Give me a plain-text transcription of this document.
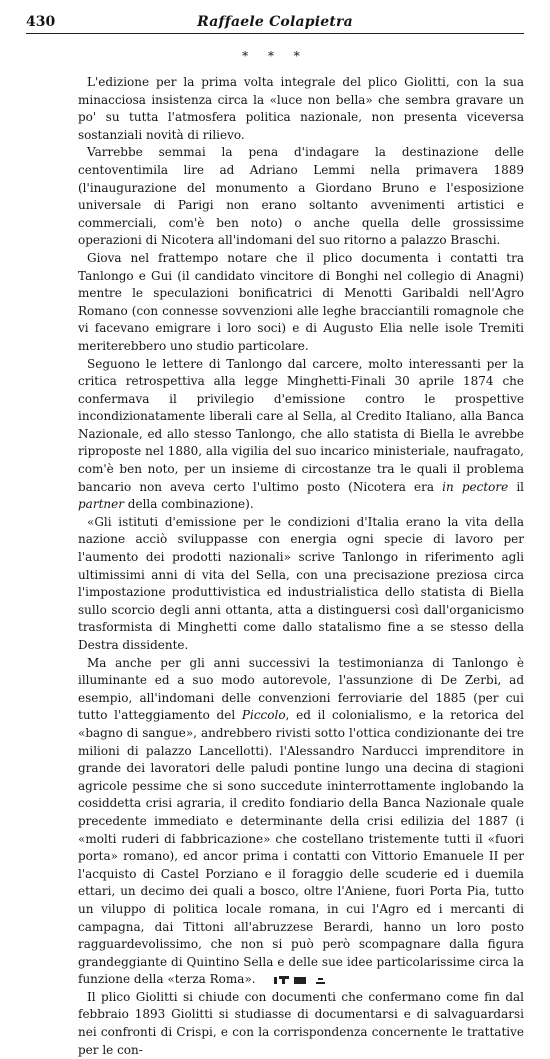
430	Raffaele Colapietra
* * *

L'edizione per la prima volta integrale del plico Giolitti, con la sua minacciosa insistenza circa la «luce non bella» che sembra gravare un po' su tutta l'atmosfera politica nazionale, non presenta viceversa sostanziali novità di rilievo.

Varrebbe semmai la pena d'indagare la destinazione delle centoventimila lire ad Adriano Lemmi nella primavera 1889 (l'inaugurazione del monumento a Giordano Bruno e l'esposizione universale di Parigi non erano soltanto avvenimenti artistici e commerciali, com'è ben noto) o anche quella delle grossissime operazioni di Nicotera all'indomani del suo ritorno a palazzo Braschi.

Giova nel frattempo notare che il plico documenta i contatti tra Tanlongo e Gui (il candidato vincitore di Bonghi nel collegio di Anagni) mentre le speculazioni bonificatrici di Menotti Garibaldi nell'Agro Romano (con connesse sovvenzioni alle leghe bracciantili romagnole che vi facevano emigrare i loro soci) e di Augusto Elia nelle isole Tremiti meriterebbero uno studio particolare.

Seguono le lettere di Tanlongo dal carcere, molto interessanti per la critica retrospettiva alla legge Minghetti-Finali 30 aprile 1874 che confermava il privilegio d'emissione contro le prospettive incondizionatamente liberali care al Sella, al Credito Italiano, alla Banca Nazionale, ed allo stesso Tanlongo, che allo statista di Biella le avrebbe riproposte nel 1880, alla vigilia del suo incarico ministeriale, naufragato, com'è ben noto, per un insieme di circostanze tra le quali il problema bancario non aveva certo l'ultimo posto (Nicotera era in pectore il partner della combinazione).

«Gli istituti d'emissione per le condizioni d'Italia erano la vita della nazione acciò sviluppasse con energia ogni specie di lavoro per l'aumento dei prodotti nazionali» scrive Tanlongo in riferimento agli ultimissimi anni di vita del Sella, con una precisazione preziosa circa l'impostazione produttivistica ed industrialistica dello statista di Biella sullo scorcio degli anni ottanta, atta a distinguersi così dall'organicismo trasformista di Minghetti come dallo statalismo fine a se stesso della Destra dissidente.

Ma anche per gli anni successivi la testimonianza di Tanlongo è illuminante ed a suo modo autorevole, l'assunzione di De Zerbi, ad esempio, all'indomani delle convenzioni ferroviarie del 1885 (per cui tutto l'atteggiamento del Piccolo, ed il colonialismo, e la retorica del «bagno di sangue», andrebbero rivisti sotto l'ottica condizionante dei tre milioni di palazzo Lancellotti). l'Alessandro Narducci imprenditore in grande dei lavoratori delle paludi pontine lungo una decina di stagioni agricole pessime che si sono succedute ininterrottamente inglobando la cosiddetta crisi agraria, il credito fondiario della Banca Nazionale quale precedente immediato e determinante della crisi edilizia del 1887 (i «molti ruderi di fabbricazione» che costellano tristemente tutti il «fuori porta» romano), ed ancor prima i contatti con Vittorio Emanuele II per l'acquisto di Castel Porziano e il foraggio delle scuderie ed i duemila ettari, un decimo dei quali a bosco, oltre l'Aniene, fuori Porta Pia, tutto un viluppo di politica locale romana, in cui l'Agro ed i mercanti di campagna, dai Tittoni all'abruzzese Berardi, hanno un loro posto ragguardevolissimo, che non si può però scompagnare dalla figura grandeggiante di Quintino Sella e delle sue idee particolarissime circa la funzione della «terza Roma».

Il plico Giolitti si chiude con documenti che confermano come fin dal febbraio 1893 Giolitti si studiasse di documentarsi e di salvaguardarsi nei confronti di Crispi, e con la corrispondenza concernente le trattative per le con-
